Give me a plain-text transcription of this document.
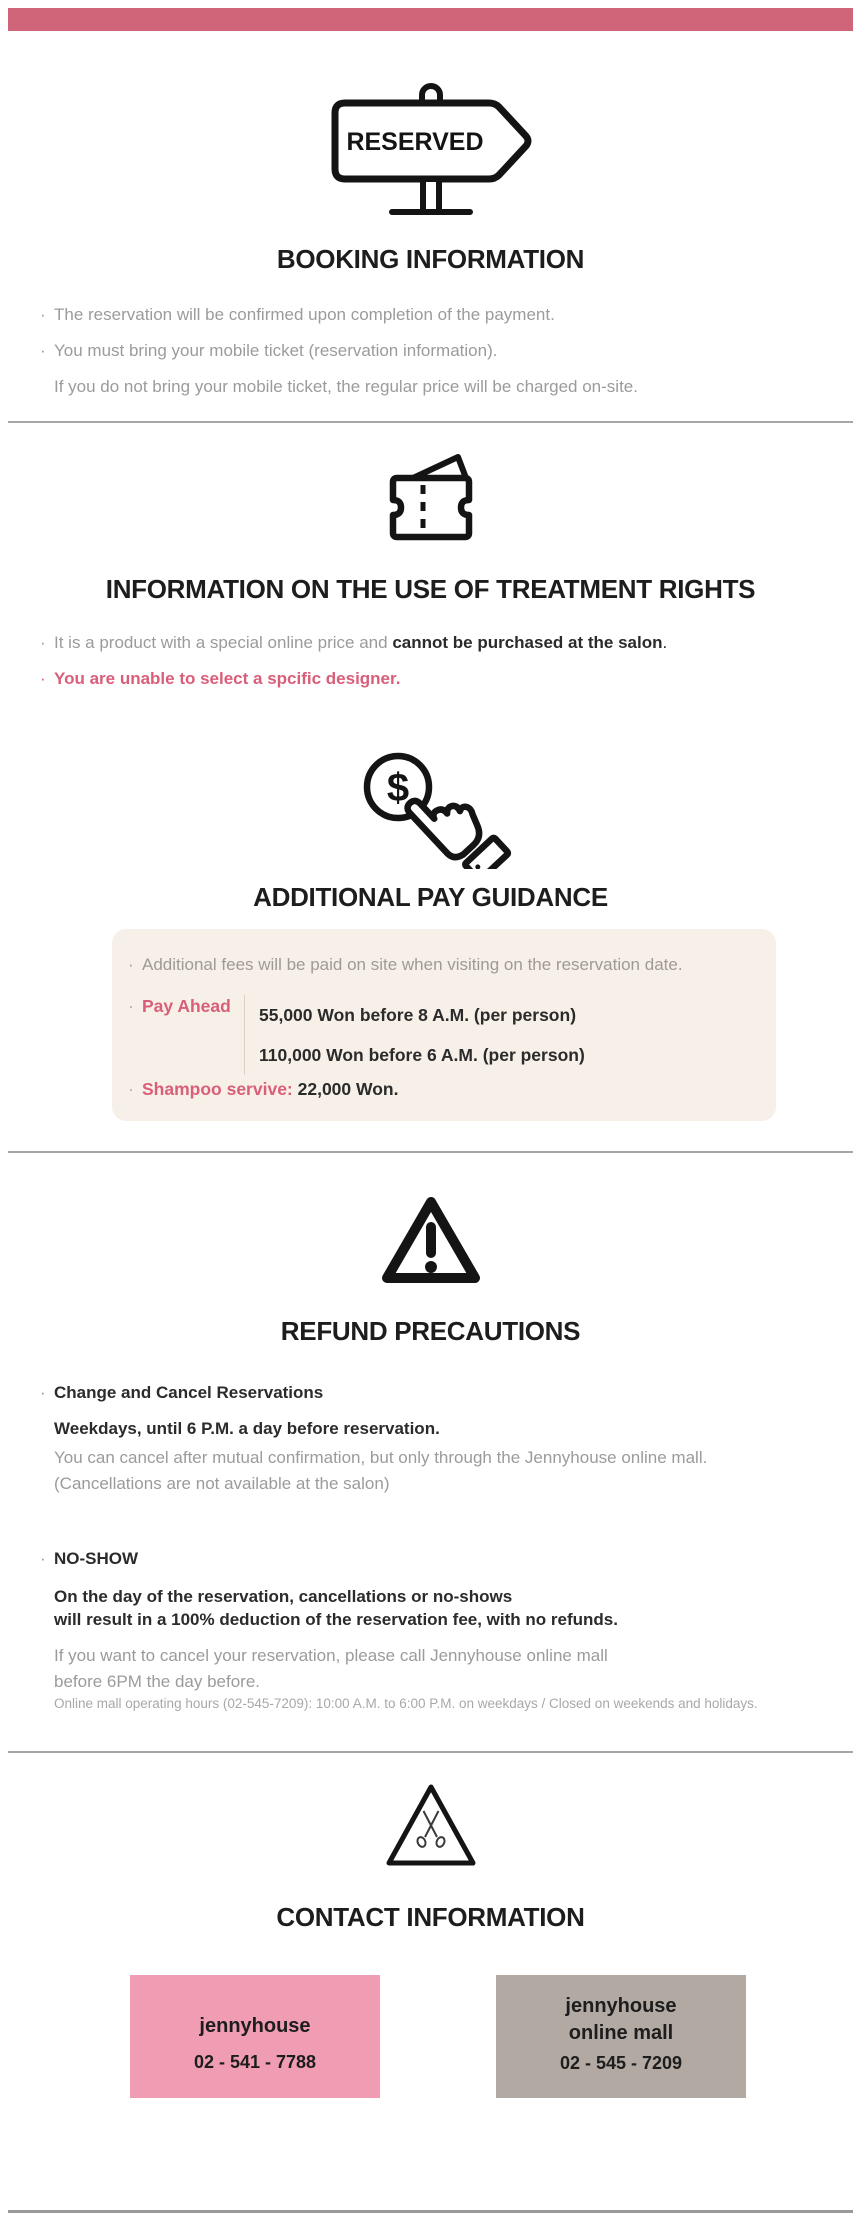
RESERVED
BOOKING INFORMATION
· The reservation will be confirmed upon completion of the payment.
· You must bring your mobile ticket (reservation information).
If you do not bring your mobile ticket, the regular price will be charged on-site.
INFORMATION ON THE USE OF TREATMENT RIGHTS
· It is a product with a special online price and cannot be purchased at the salon.
· You are unable to select a spcific designer.
$
ADDITIONAL PAY GUIDANCE
· Additional fees will be paid on site when visiting on the reservation date.
· Pay Ahead 55,000 Won before 8 A.M. (per person)
110,000 Won before 6 A.M. (per person)
· Shampoo servive: 22,000 Won.
REFUND PRECAUTIONS
· Change and Cancel Reservations
Weekdays, until 6 P.M. a day before reservation.
You can cancel after mutual confirmation, but only through the Jennyhouse online mall.
(Cancellations are not available at the salon)
· NO-SHOW
On the day of the reservation, cancellations or no-shows
will result in a 100% deduction of the reservation fee, with no refunds.
If you want to cancel your reservation, please call Jennyhouse online mall
before 6PM the day before.
Online mall operating hours (02-545-7209): 10:00 A.M. to 6:00 P.M. on weekdays / Closed on weekends and holidays.
CONTACT INFORMATION
jennyhouse
02 - 541 - 7788
jennyhouse
online mall
02 - 545 - 7209
